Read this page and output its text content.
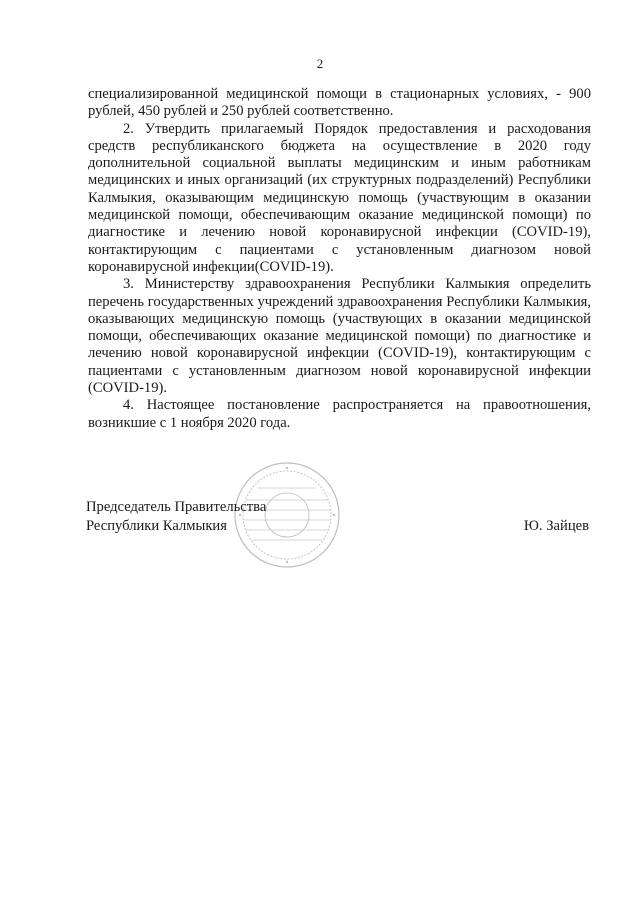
2

специализированной медицинской помощи в стационарных условиях, - 900 рублей, 450 рублей и 250 рублей соответственно.

2. Утвердить прилагаемый Порядок предоставления и расходования средств республиканского бюджета на осуществление в 2020 году дополнительной социальной выплаты медицинским и иным работникам медицинских и иных организаций (их структурных подразделений) Республики Калмыкия, оказывающим медицинскую помощь (участвующим в оказании медицинской помощи, обеспечивающим оказание медицинской помощи) по диагностике и лечению новой коронавирусной инфекции (COVID-19), контактирующим с пациентами с установленным диагнозом новой коронавирусной инфекции(COVID-19).

3. Министерству здравоохранения Республики Калмыкия определить перечень государственных учреждений здравоохранения Республики Калмыкия, оказывающих медицинскую помощь (участвующих в оказании медицинской помощи, обеспечивающих оказание медицинской помощи) по диагностике и лечению новой коронавирусной инфекции (COVID-19), контактирующим с пациентами с установленным диагнозом новой коронавирусной инфекции (COVID-19).

4. Настоящее постановление распространяется на правоотношения, возникшие с 1 ноября 2020 года.

Председатель Правительства
Республики Калмыкия	Ю. Зайцев
